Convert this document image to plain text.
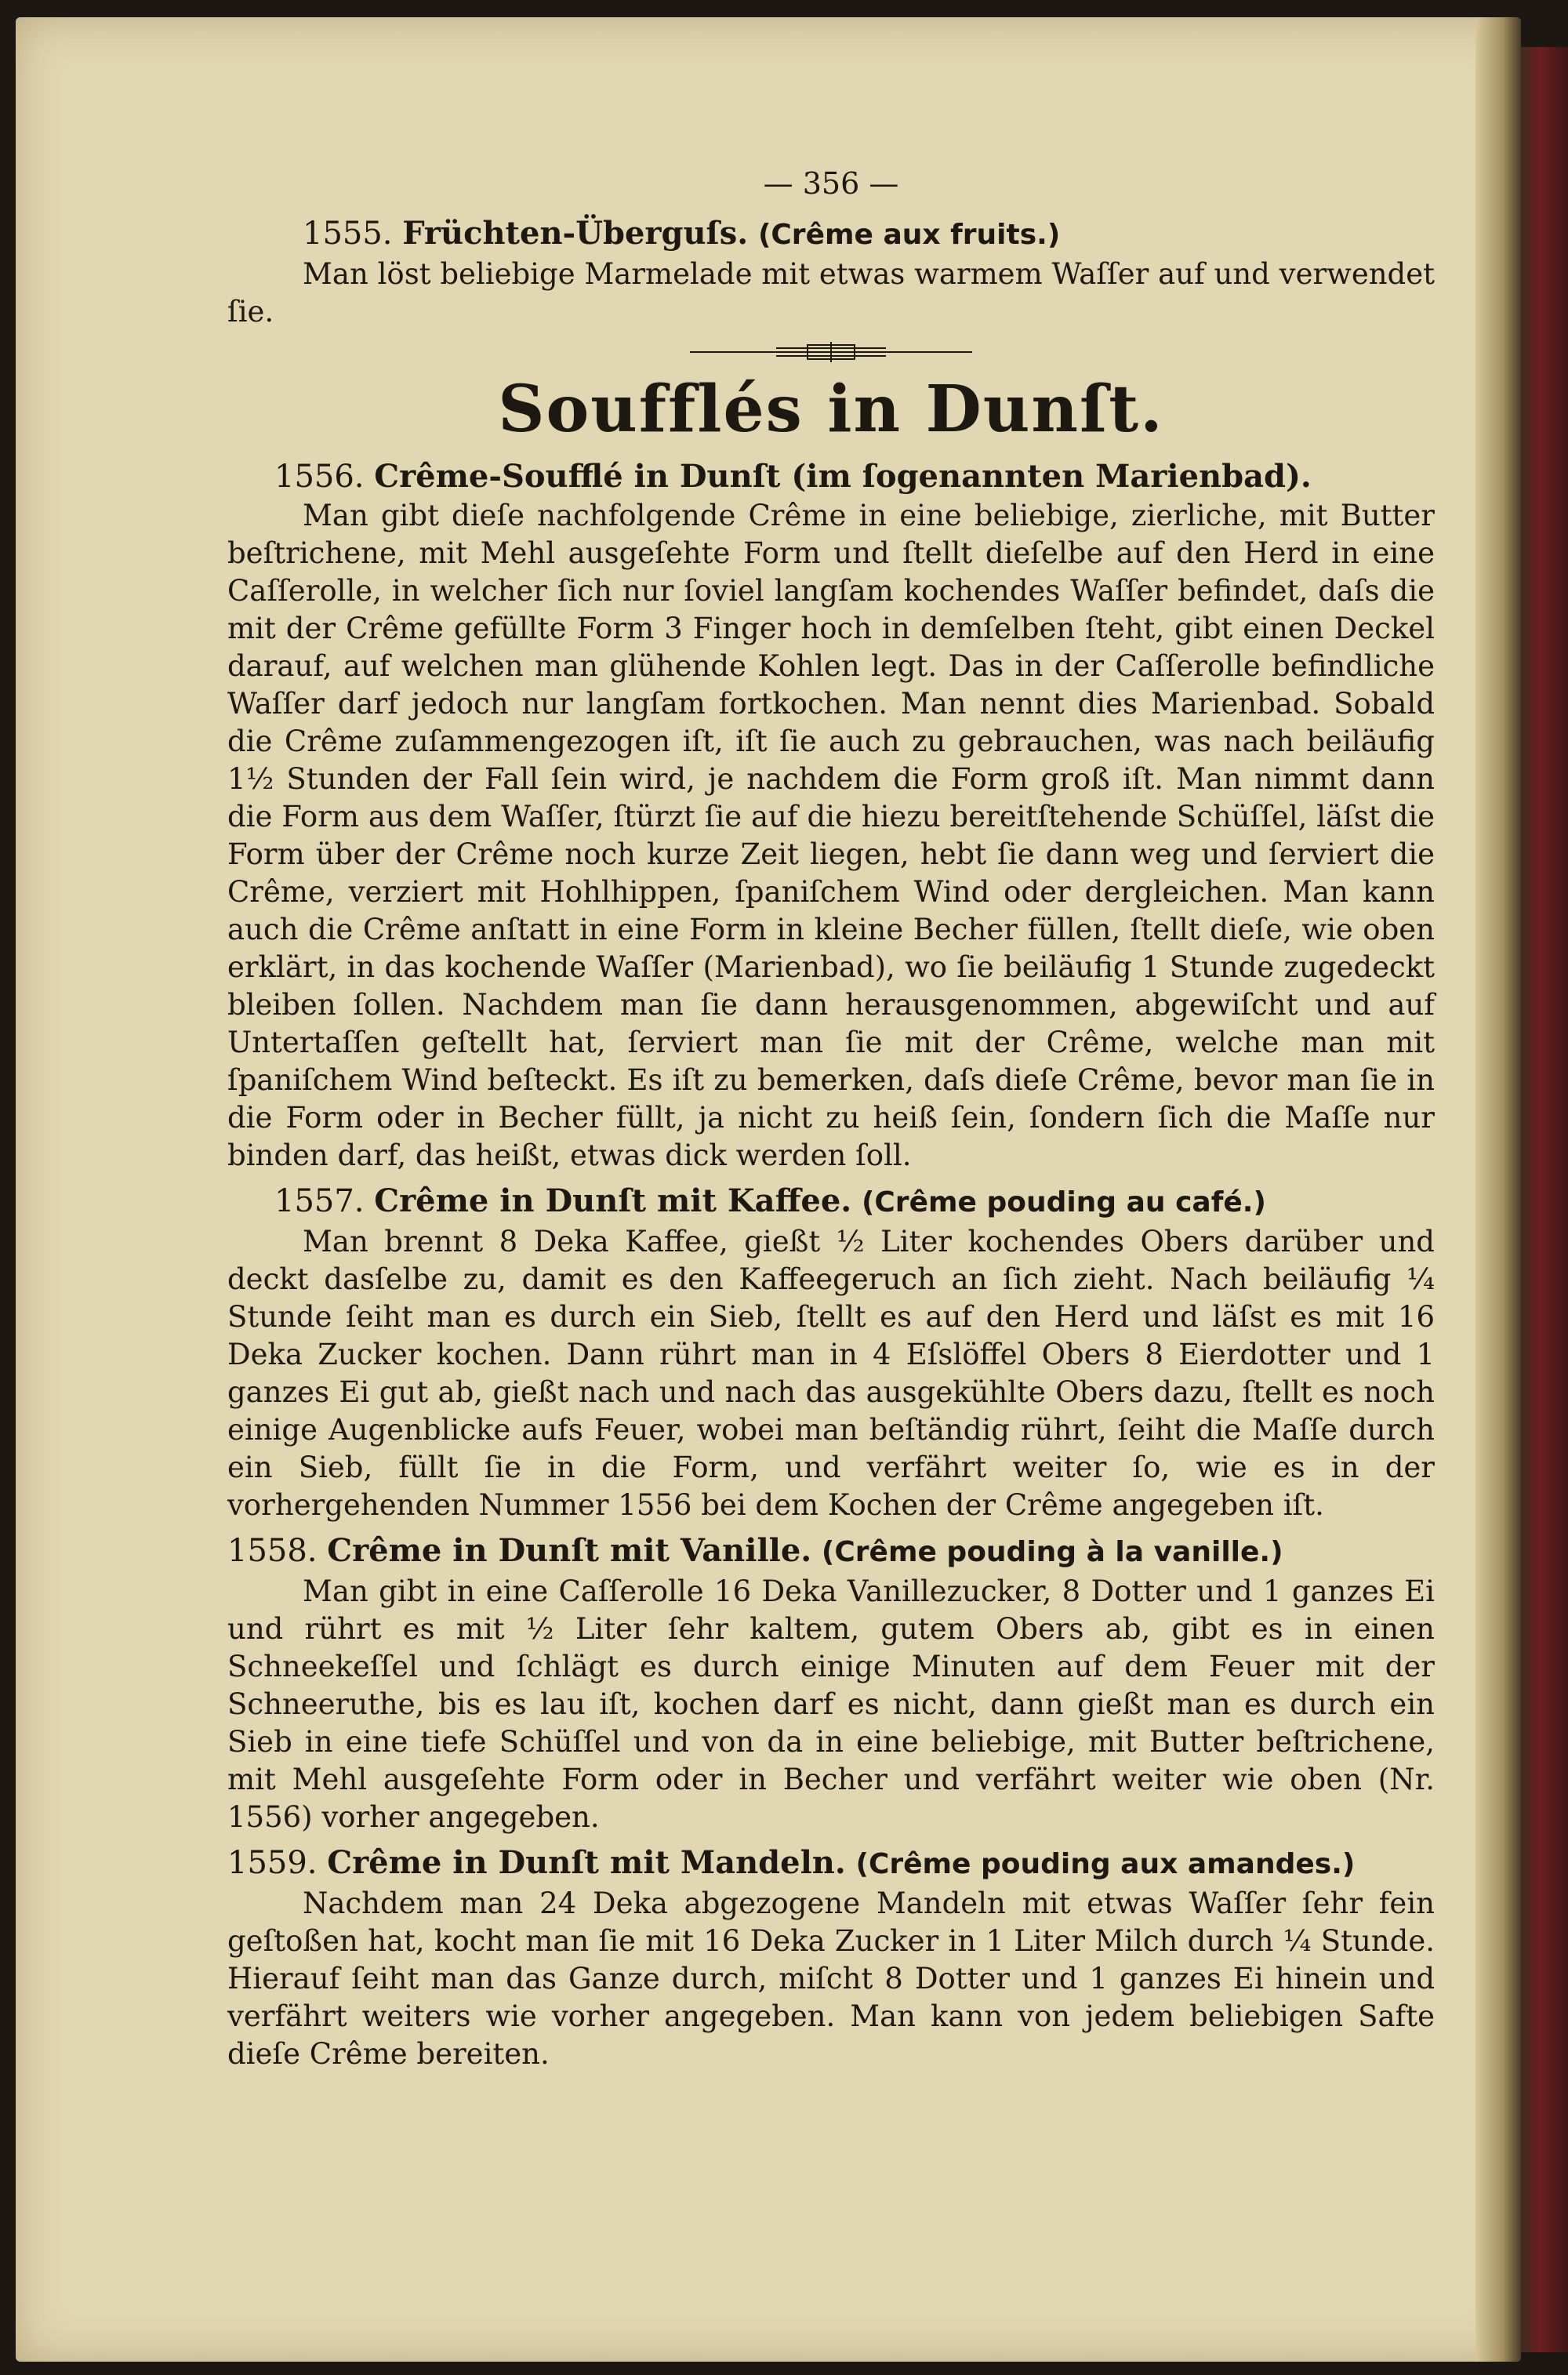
— 356 —
1555. Früchten-Überguſs. (Crême aux fruits.)

Man löst beliebige Marmelade mit etwas warmem Waſſer auf und verwendet ſie.

Soufflés in Dunſt.
1556. Crême-Soufflé in Dunſt (im ſogenannten Marienbad).

Man gibt dieſe nachfolgende Crême in eine beliebige, zierliche, mit Butter beſtrichene, mit Mehl ausgeſehte Form und ſtellt dieſelbe auf den Herd in eine Caſſerolle, in welcher ſich nur ſoviel langſam kochendes Waſſer befindet, daſs die mit der Crême gefüllte Form 3 Finger hoch in demſelben ſteht, gibt einen Deckel darauf, auf welchen man glühende Kohlen legt. Das in der Caſſerolle befindliche Waſſer darf jedoch nur langſam fortkochen. Man nennt dies Marienbad. Sobald die Crême zuſammengezogen iſt, iſt ſie auch zu gebrauchen, was nach beiläufig 1½ Stunden der Fall ſein wird, je nachdem die Form groß iſt. Man nimmt dann die Form aus dem Waſſer, ſtürzt ſie auf die hiezu bereitſtehende Schüſſel, läſst die Form über der Crême noch kurze Zeit liegen, hebt ſie dann weg und ſerviert die Crême, verziert mit Hohlhippen, ſpaniſchem Wind oder dergleichen. Man kann auch die Crême anſtatt in eine Form in kleine Becher füllen, ſtellt dieſe, wie oben erklärt, in das kochende Waſſer (Marienbad), wo ſie beiläufig 1 Stunde zugedeckt bleiben ſollen. Nachdem man ſie dann herausgenommen, abgewiſcht und auf Untertaſſen geſtellt hat, ſerviert man ſie mit der Crême, welche man mit ſpaniſchem Wind beſteckt. Es iſt zu bemerken, daſs dieſe Crême, bevor man ſie in die Form oder in Becher füllt, ja nicht zu heiß ſein, ſondern ſich die Maſſe nur binden darf, das heißt, etwas dick werden ſoll.

1557. Crême in Dunſt mit Kaffee. (Crême pouding au café.)

Man brennt 8 Deka Kaffee, gießt ½ Liter kochendes Obers darüber und deckt dasſelbe zu, damit es den Kaffeegeruch an ſich zieht. Nach beiläufig ¼ Stunde ſeiht man es durch ein Sieb, ſtellt es auf den Herd und läſst es mit 16 Deka Zucker kochen. Dann rührt man in 4 Eſslöffel Obers 8 Eierdotter und 1 ganzes Ei gut ab, gießt nach und nach das ausgekühlte Obers dazu, ſtellt es noch einige Augenblicke aufs Feuer, wobei man beſtändig rührt, ſeiht die Maſſe durch ein Sieb, füllt ſie in die Form, und verfährt weiter ſo, wie es in der vorhergehenden Nummer 1556 bei dem Kochen der Crême angegeben iſt.

1558. Crême in Dunſt mit Vanille. (Crême pouding à la vanille.)

Man gibt in eine Caſſerolle 16 Deka Vanillezucker, 8 Dotter und 1 ganzes Ei und rührt es mit ½ Liter ſehr kaltem, gutem Obers ab, gibt es in einen Schneekeſſel und ſchlägt es durch einige Minuten auf dem Feuer mit der Schneeruthe, bis es lau iſt, kochen darf es nicht, dann gießt man es durch ein Sieb in eine tiefe Schüſſel und von da in eine beliebige, mit Butter beſtrichene, mit Mehl ausgeſehte Form oder in Becher und verfährt weiter wie oben (Nr. 1556) vorher angegeben.

1559. Crême in Dunſt mit Mandeln. (Crême pouding aux amandes.)

Nachdem man 24 Deka abgezogene Mandeln mit etwas Waſſer ſehr fein geſtoßen hat, kocht man ſie mit 16 Deka Zucker in 1 Liter Milch durch ¼ Stunde. Hierauf ſeiht man das Ganze durch, miſcht 8 Dotter und 1 ganzes Ei hinein und verfährt weiters wie vorher angegeben. Man kann von jedem beliebigen Safte dieſe Crême bereiten.
